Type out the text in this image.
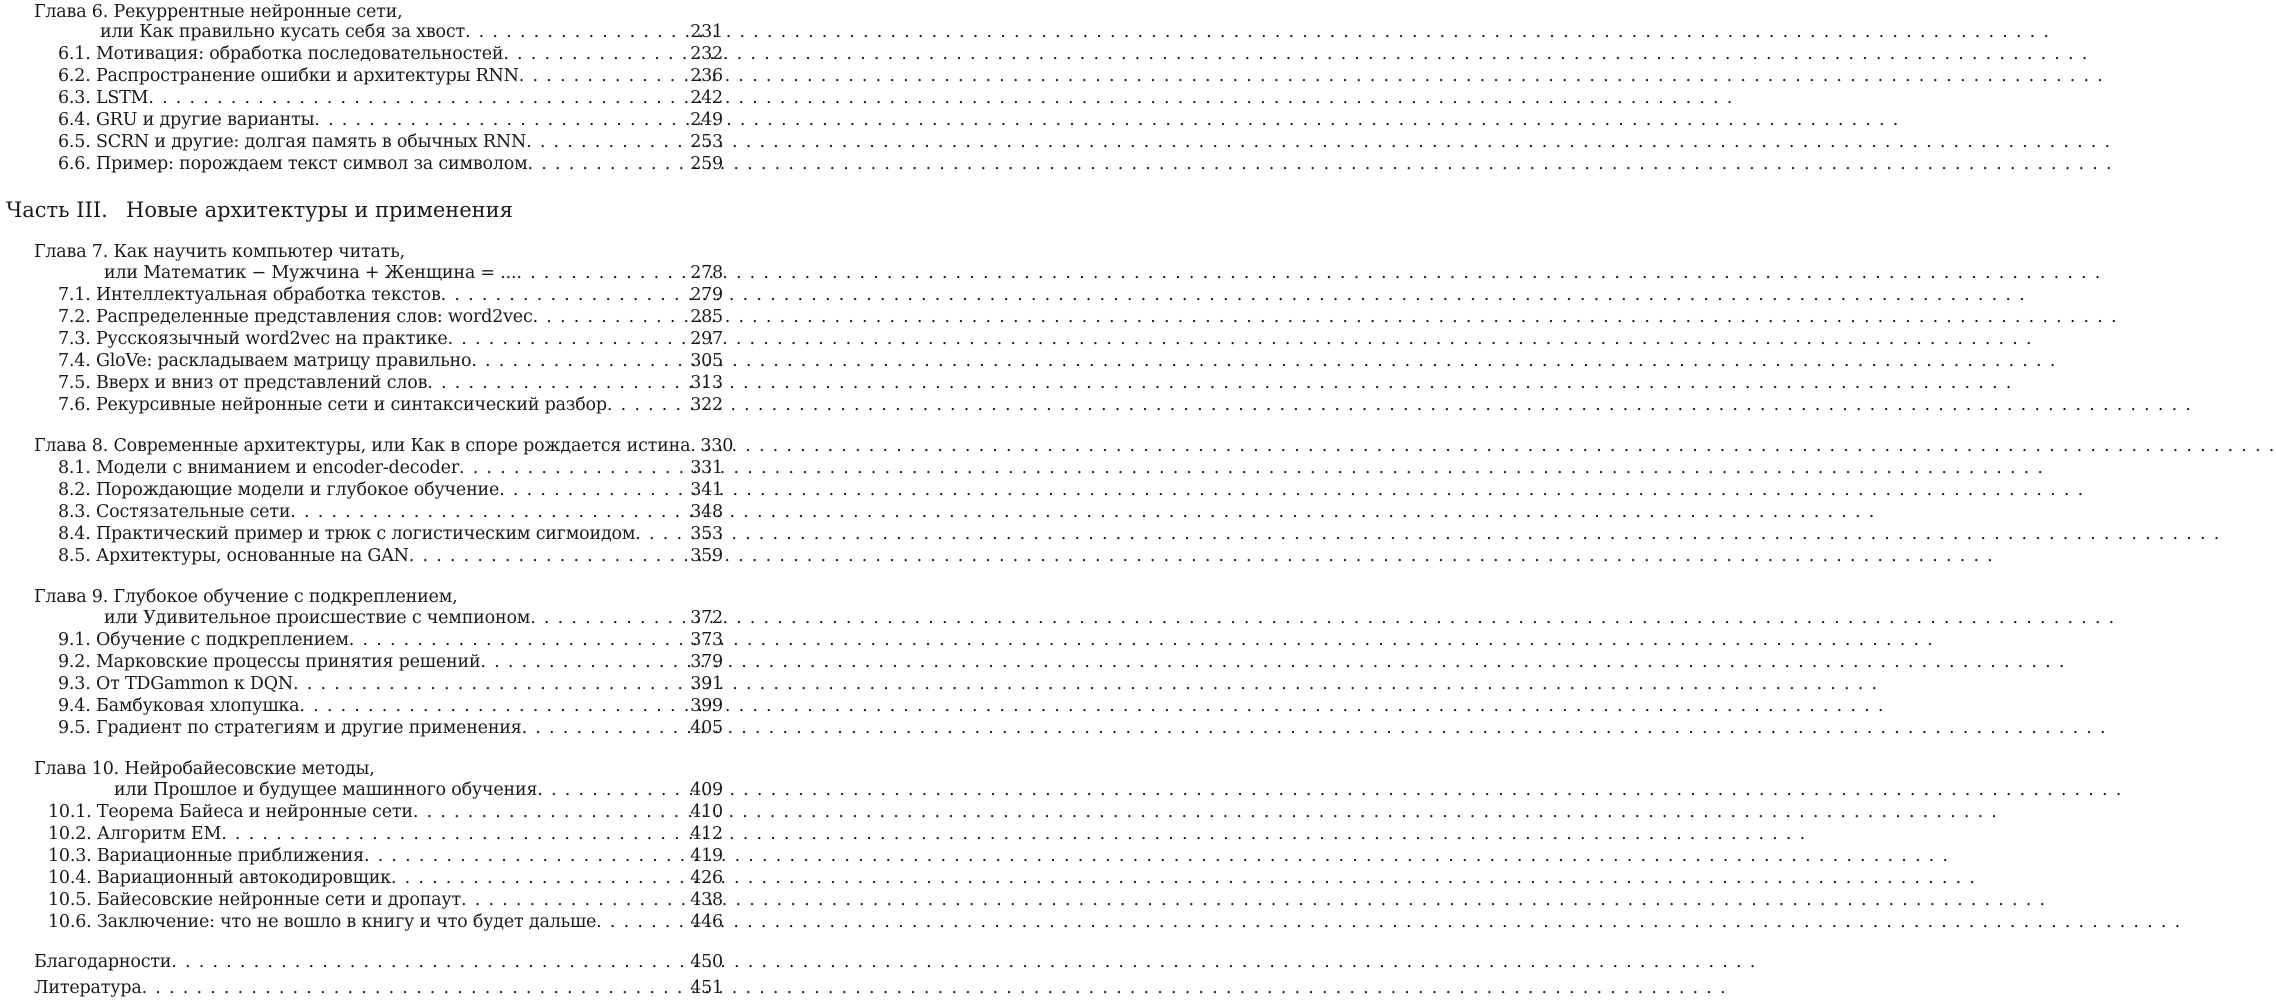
Глава 6. Рекуррентные нейронные сети,
или Как правильно кусать себя за хвост . . .	231
6.1. Мотивация: обработка последовательностей . . .	232
6.2. Распространение ошибки и архитектуры RNN . . .	236
6.3. LSTM . . .	242
6.4. GRU и другие варианты . . .	249
6.5. SCRN и другие: долгая память в обычных RNN . . .	253
6.6. Пример: порождаем текст символ за символом . . .	259
Часть III. Новые архитектуры и применения
Глава 7. Как научить компьютер читать,
или Математик − Мужчина + Женщина = ... . . .	278
7.1. Интеллектуальная обработка текстов . . .	279
7.2. Распределенные представления слов: word2vec . . .	285
7.3. Русскоязычный word2vec на практике . . .	297
7.4. GloVe: раскладываем матрицу правильно . . .	305
7.5. Вверх и вниз от представлений слов . . .	313
7.6. Рекурсивные нейронные сети и синтаксический разбор . . .	322
Глава 8. Современные архитектуры, или Как в споре рождается истина . . . 330
8.1. Модели с вниманием и encoder-decoder . . .	331
8.2. Порождающие модели и глубокое обучение . . .	341
8.3. Состязательные сети . . .	348
8.4. Практический пример и трюк с логистическим сигмоидом . . .	353
8.5. Архитектуры, основанные на GAN . . .	359
Глава 9. Глубокое обучение с подкреплением,
или Удивительное происшествие с чемпионом . . .	372
9.1. Обучение с подкреплением . . .	373
9.2. Марковские процессы принятия решений . . .	379
9.3. От TDGammon к DQN . . .	391
9.4. Бамбуковая хлопушка . . .	399
9.5. Градиент по стратегиям и другие применения . . .	405
Глава 10. Нейробайесовские методы,
или Прошлое и будущее машинного обучения . . .	409
10.1. Теорема Байеса и нейронные сети . . .	410
10.2. Алгоритм EM . . .	412
10.3. Вариационные приближения . . .	419
10.4. Вариационный автокодировщик . . .	426
10.5. Байесовские нейронные сети и дропаут . . .	438
10.6. Заключение: что не вошло в книгу и что будет дальше . . .	446
Благодарности . . .	450
Литература . . .	451
